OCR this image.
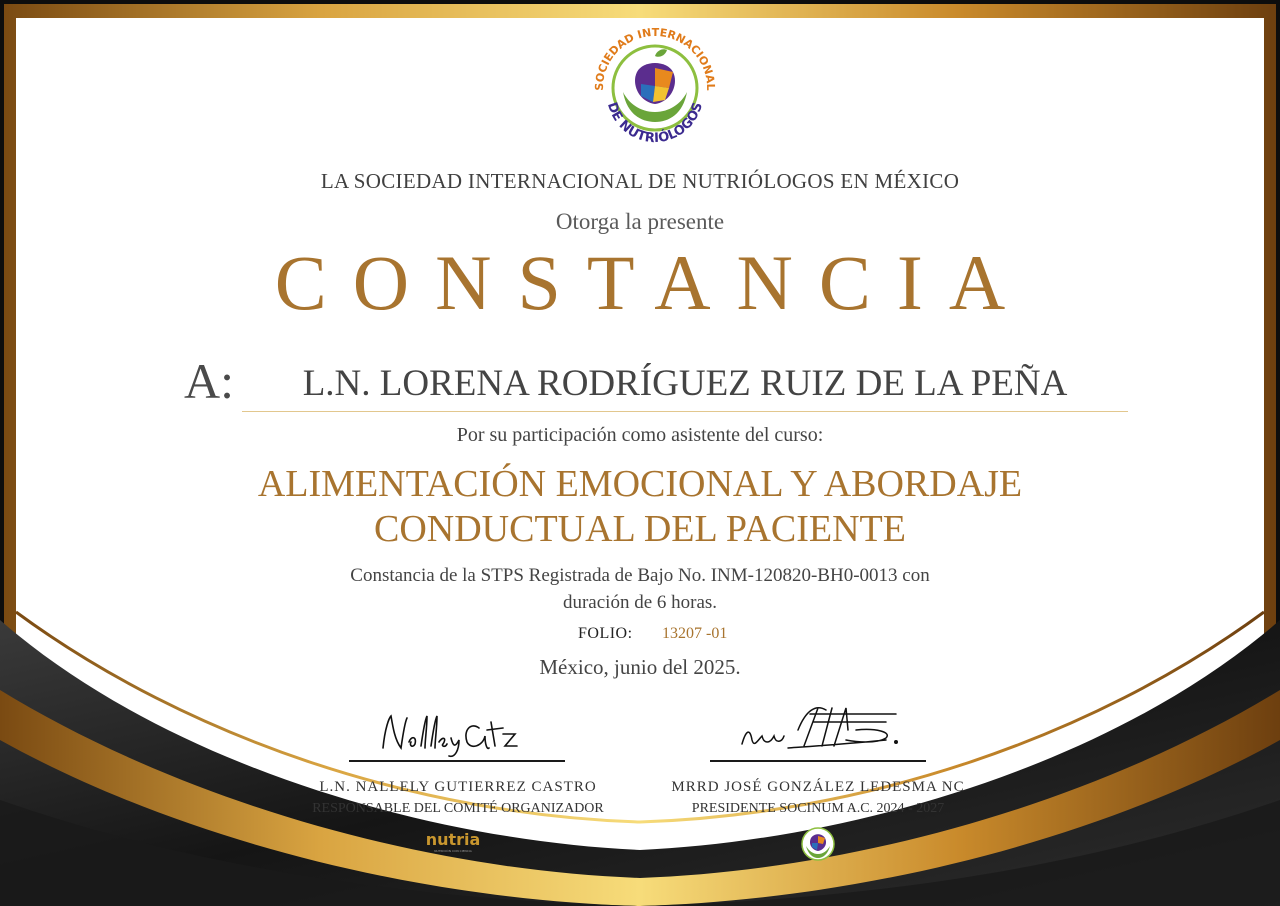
SOCIEDAD INTERNACIONAL
DE NUTRIÓLOGOS

LA SOCIEDAD INTERNACIONAL DE NUTRIÓLOGOS EN MÉXICO

Otorga la presente

CONSTANCIA

A:	L.N. LORENA RODRÍGUEZ RUIZ DE LA PEÑA

Por su participación como asistente del curso:

ALIMENTACIÓN EMOCIONAL Y ABORDAJE

CONDUCTUAL DEL PACIENTE

Constancia de la STPS Registrada de Bajo No. INM-120820-BH0-0013 con

duración de 6 horas.

FOLIO: 13207 -01

México, junio del 2025.

L.N. NALLELY GUTIERREZ CASTRO

RESPONSABLE DEL COMITÉ ORGANIZADOR

nutria

NUTRICIÓN CON CIENCIA

MRRD JOSÉ GONZÁLEZ LEDESMA NC

PRESIDENTE SOCINUM A.C. 2024 - 2027
